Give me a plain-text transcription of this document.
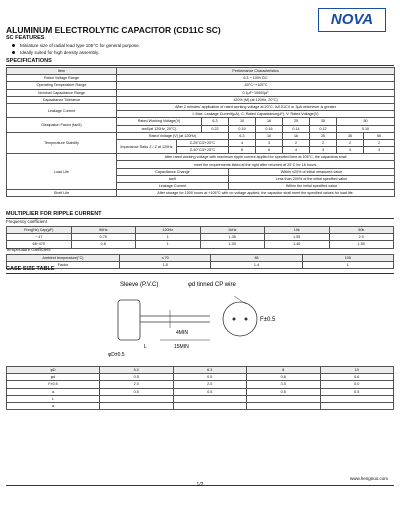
NOVA
ALUMINUM ELECTROLYTIC CAPACITOR (CD11C SC)
SC FEATURES
Miniature size of radial lead type 105°C for general purpose.
Ideally suited for high density assembly.
SPECIFICATIONS
Item	Performance Characteristics								
Rated Voltage Range	6.3 ~ 100V DC								
Operating Temperature Range	-40°C~+105°C								
Nominal Capacitance Range	0.1µF~10000µF								
Capacitance Tolerance	±20% (M) (at 120Hz, 20°C)								
Leakage Current	After 2 minutes' application of rated working voltage at 20°C, I≤0.01CV or 3µA whichever is greater								
	I: Max. Leakage Current(µA), C: Rated Capacitance(µF), V: Rated Voltage(V)								
Dissipation Factor (tanδ)	Rated Working Voltage(V)		6.3	10	16	25	35	50	
	tanδ(at 120Hz, 20°C)		0.22	0.19	0.16	0.14	0.12	0.10	
Temperature Stability	Rated Voltage (V) (at 120Hz)			6.3	10	16	25	35	50
	Impedance Ratio Z / Z at 120Hz	Z-25°C/Z+20°C		4	3	2	2	2	2
		Z-40°C/Z+20°C		8	6	4	3	3	3
Load Life	After rated working voltage with maximum ripple current applied for specified time at 105°C, the capacitors shall								
	meet the requirements listed at the right after returned at 20°C for 16 hours.								
	Capacitance Change			Within ±20% of initial measured value					
	tanδ			Less than 200% of the initial specified value					
	Leakage Current			Within the initial specified value					
Shelf Life	After storage for 1000 hours at +105°C with no voltage applied, the capacitor shall meet the specified values for load life.								
MULTIPLIER FOR RIPPLE CURRENT
Frequency coefficient
Freq(Hz) Cap(µF)	50Hz	120Hz	1kHz	10k	50k
~ 47	0.75	1	1.35	1.55	2.0
68~470	0.8	1	1.30	1.40	1.50
Temperature coefficient
Ambient temperature(°C)	≤ 70	85	105
Factor	1.8	1.4	1
CASE SIZE TABLE
Sleeve (P.V.C)	φd tinned CP wire
F±0.5
4MIN
L	15MIN
φD±0.5
φD	5.0	6.3	8	10
φd	0.5	0.5	0.6	0.6
F±0.5	2.0	2.5	3.5	5.0
a	0.5	0.5	0.5	0.5
L				
a				
www.hengnuo.com
1/2
